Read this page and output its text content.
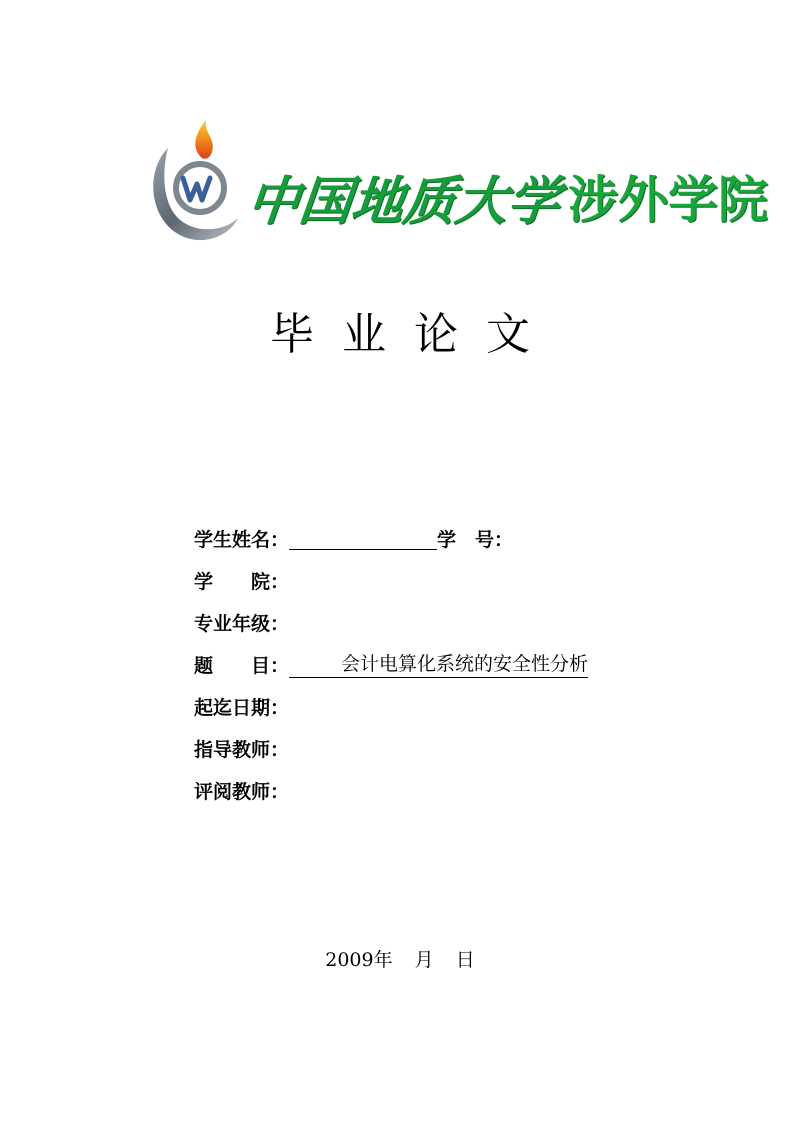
中国地质大学 涉外学院
毕业论文
学生姓名 ：	学　号 ：
学　　院 ：
专业年级 ：
题　　目 ：	会计电算化系统的安全性分析
起迄日期 ：
指导教师 ：
评阅教师 ：
2009年 月 日
